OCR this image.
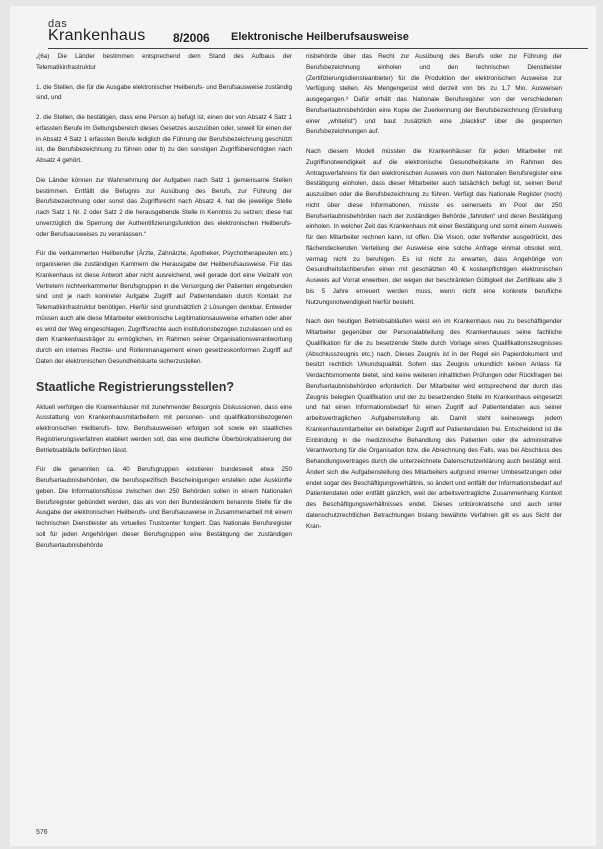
das
Krankenhaus 8/2006 Elektronische Heilberufsausweise

„(6a) Die Länder bestimmen entsprechend dem Stand des Aufbaus der Telematikinfrastruktur

1. die Stellen, die für die Ausgabe elektronischer Heilberufs- und Berufsausweise zuständig sind, und

2. die Stellen, die bestätigen, dass eine Person a) befugt ist, einen der von Absatz 4 Satz 1 erfassten Berufe im Geltungsbereich dieses Gesetzes auszuüben oder, soweit für einen der in Absatz 4 Satz 1 erfassten Berufe lediglich die Führung der Berufsbezeichnung geschützt ist, die Berufsbezeichnung zu führen oder b) zu den sonstigen Zugriffsberechtigten nach Absatz 4 gehört.

Die Länder können zur Wahrnehmung der Aufgaben nach Satz 1 gemeinsame Stellen bestimmen. Entfällt die Befugnis zur Ausübung des Berufs, zur Führung der Berufsbezeichnung oder sonst das Zugriffsrecht nach Absatz 4, hat die jeweilige Stelle nach Satz 1 Nr. 2 oder Satz 2 die herausgebende Stelle in Kenntnis zu setzen; diese hat unverzüglich die Sperrung der Authentifizierungsfunktion des elektronischen Heilberufs- oder Berufsausweises zu veranlassen.“

Für die verkammerten Heilberufler (Ärzte, Zahnärzte, Apotheker, Psychotherapeuten etc.) organisieren die zuständigen Kammern die Herausgabe der Heilberufsausweise. Für das Krankenhaus ist diese Antwort aber nicht ausreichend, weil gerade dort eine Vielzahl von Vertretern nichtverkammerter Berufsgruppen in die Versorgung der Patienten eingebunden sind und je nach konkreter Aufgabe Zugriff auf Patientendaten durch Kontakt zur Telematikinfrastruktur benötigen. Hierfür sind grundsätzlich 2 Lösungen denkbar. Entweder müssen auch alle diese Mitarbeiter elektronische Legitimationsausweise erhalten oder aber es wird der Weg eingeschlagen, Zugriffsrechte auch institutionsbezogen zuzulassen und es dem Krankenhausträger zu ermöglichen, im Rahmen seiner Organisationsverantwortung durch ein internes Rechte- und Rollenmanagement einen gesetzeskonformen Zugriff auf Daten der elektronischen Gesundheitskarte sicherzustellen.

Staatliche Registrierungsstellen?

Aktuell verfolgen die Krankenhäuser mit zunehmender Besorgnis Diskussionen, dass eine Ausstattung von Krankenhausmitarbeitern mit personen- und qualifikationsbezogenen elektronischen Heilberufs- bzw. Berufsausweisen erfolgen soll sowie ein staatliches Registrierungsverfahren etabliert werden soll, das eine deutliche Überbürokratisierung der Betriebsabläufe befürchten lässt.

Für die genannten ca. 40 Berufsgruppen existieren bundesweit etwa 250 Berufserlaubnisbehörden, die berufsspezifisch Bescheinigungen erstellen oder Auskünfte geben. Die Informationsflüsse zwischen den 250 Behörden sollen in einem Nationalen Berufsregister gebündelt werden, das als von den Bundesländern benannte Stelle für die Ausgabe der elektronischen Heilberufs- und Berufsausweise in Zusammenarbeit mit einem technischen Dienstleister als virtuelles Trustcenter fungiert. Das Nationale Berufsregister soll für jeden Angehörigen dieser Berufsgruppen eine Bestätigung der zuständigen Berufserlaubnisbehörde

nisbehörde über das Recht zur Ausübung des Berufs oder zur Führung der Berufsbezeichnung einholen und den technischen Dienstleister (Zertifizierungsdiensteanbieter) für die Produktion der elektronischen Ausweise zur Verfügung stellen. Als Mengengerüst wird derzeit von bis zu 1,7 Mio. Ausweisen ausgegangen.³ Dafür erhält das Nationale Berufsregister von der verschiedenen Berufserlaubnisbehörden eine Kopie der Zuerkennung der Berufsbezeichnung (Erstellung einer „whitelist“) und baut zusätzlich eine „blacklist“ über die gesperrten Berufsbezeichnungen auf.

Nach diesem Modell müssten die Krankenhäuser für jeden Mitarbeiter mit Zugriffsnotwendigkeit auf die elektronische Gesundheitskarte im Rahmen des Antragsverfahrens für den elektronischen Ausweis von dem Nationalen Berufsregister eine Bestätigung einholen, dass dieser Mitarbeiter auch tatsächlich befugt ist, seinen Beruf auszuüben oder die Berufsbezeichnung zu führen. Verfügt das Nationale Register (noch) nicht über diese Informationen, müsste es seinerseits im Pool der 250 Berufserlaubnisbehörden nach der zuständigen Behörde „fahnden“ und deren Bestätigung einholen. In welcher Zeit das Krankenhaus mit einer Bestätigung und somit einem Ausweis für den Mitarbeiter rechnen kann, ist offen. Die Vision, oder treffender ausgedrückt, des flächendeckenden Verteilung der Ausweise eine solche Anfrage einmal obsolet wird, vermag nicht zu beruhigen. Es ist nicht zu erwarten, dass Angehörige von Gesundheitsfachberufen einen mit geschätzten 40 € kostenpflichtigen elektronischen Ausweis auf Vorrat erwerben, der wegen der beschränkten Gültigkeit der Zertifikate alle 3 bis 5 Jahre erneuert werden muss, wenn nicht eine konkrete berufliche Nutzungsnotwendigkeit hierfür besteht.

Nach den heutigen Betriebsabläufen weist ein im Krankenhaus neu zu beschäftigender Mitarbeiter gegenüber der Personalabteilung des Krankenhauses seine fachliche Qualifikation für die zu besetzende Stelle durch Vorlage eines Qualifikationszeugnisses (Abschlusszeugnis etc.) nach. Dieses Zeugnis ist in der Regel ein Papierdokument und besitzt rechtlich Urkundsqualität. Sofern das Zeugnis urkundlich keinen Anlass für Verdachtsmomente bietet, sind keine weiteren inhaltlichen Prüfungen oder Rückfragen bei Berufserlaubnisbehörden erforderlich. Der Mitarbeiter wird entsprechend der durch das Zeugnis belegten Qualifikation und der zu besetzenden Stelle im Krankenhaus eingesetzt und hat einen Informationsbedarf für einen Zugriff auf Patientendaten aus seiner arbeitsvertraglichen Aufgabenstellung ab. Damit steht keineswegs jedem Krankenhausmitarbeiter ein beliebiger Zugriff auf Patientendaten frei. Entscheidend ist die Einbindung in die medizinische Behandlung des Patienten oder die administrative Verantwortung für die Organisation bzw. die Abrechnung des Falls, was bei Abschluss des Behandlungsvertrages durch die unterzeichnete Datenschutzerklärung auch bestätigt wird. Ändert sich die Aufgabenstellung des Mitarbeiters aufgrund interner Umbesetzungen oder endet sogar des Beschäftigungsverhältnis, so ändert und entfällt der Informationsbedarf auf Patientendaten oder entfällt gänzlich, weil der arbeitsvertragliche Zusammenhang Kontext des Beschäftigungsverhältnisses endet. Dieses unbürokratische und auch unter datenschutzrechtlichen Betrachtungen bislang bewährte Verfahren gilt es aus Sicht der Kran-

576
